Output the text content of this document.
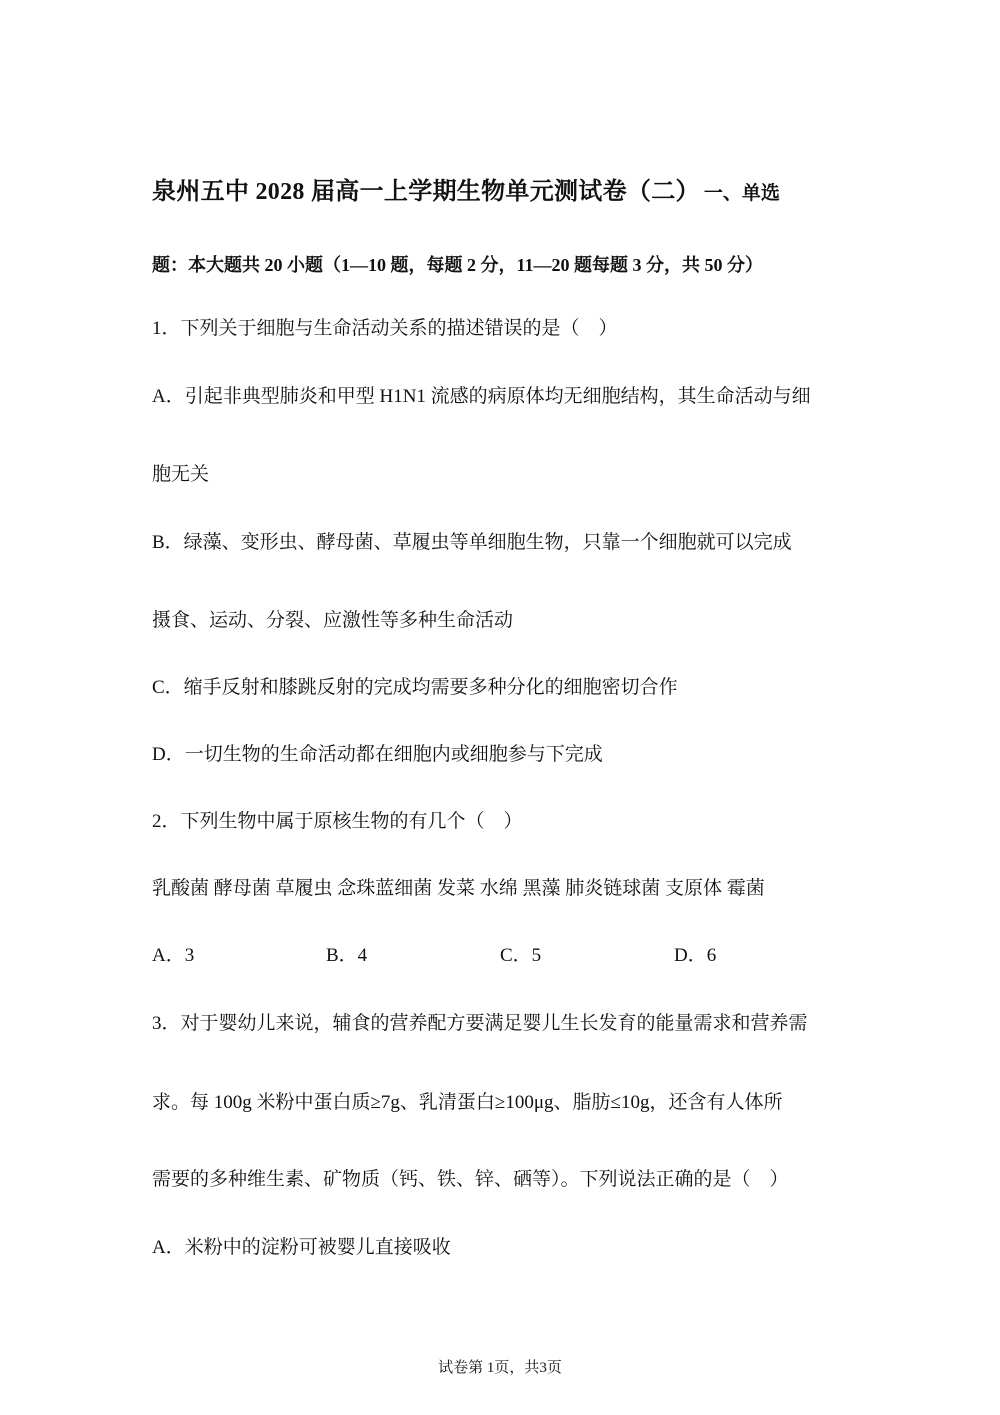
泉州五中 2028 届高一上学期生物单元测试卷（二） 一、单选
题：本大题共 20 小题（1—10 题，每题 2 分，11—20 题每题 3 分，共 50 分）
1．下列关于细胞与生命活动关系的描述错误的是（　）
A．引起非典型肺炎和甲型 H1N1 流感的病原体均无细胞结构，其生命活动与细
胞无关
B．绿藻、变形虫、酵母菌、草履虫等单细胞生物，只靠一个细胞就可以完成
摄食、运动、分裂、应激性等多种生命活动
C．缩手反射和膝跳反射的完成均需要多种分化的细胞密切合作
D．一切生物的生命活动都在细胞内或细胞参与下完成
2．下列生物中属于原核生物的有几个（　）
乳酸菌 酵母菌 草履虫 念珠蓝细菌 发菜 水绵 黑藻 肺炎链球菌 支原体 霉菌
A．3	B．4	C．5	D．6
3．对于婴幼儿来说，辅食的营养配方要满足婴儿生长发育的能量需求和营养需
求。每 100g 米粉中蛋白质≥7g、乳清蛋白≥100μg、脂肪≤10g，还含有人体所
需要的多种维生素、矿物质（钙、铁、锌、硒等）。下列说法正确的是（　）
A．米粉中的淀粉可被婴儿直接吸收
试卷第 1页，共3页
